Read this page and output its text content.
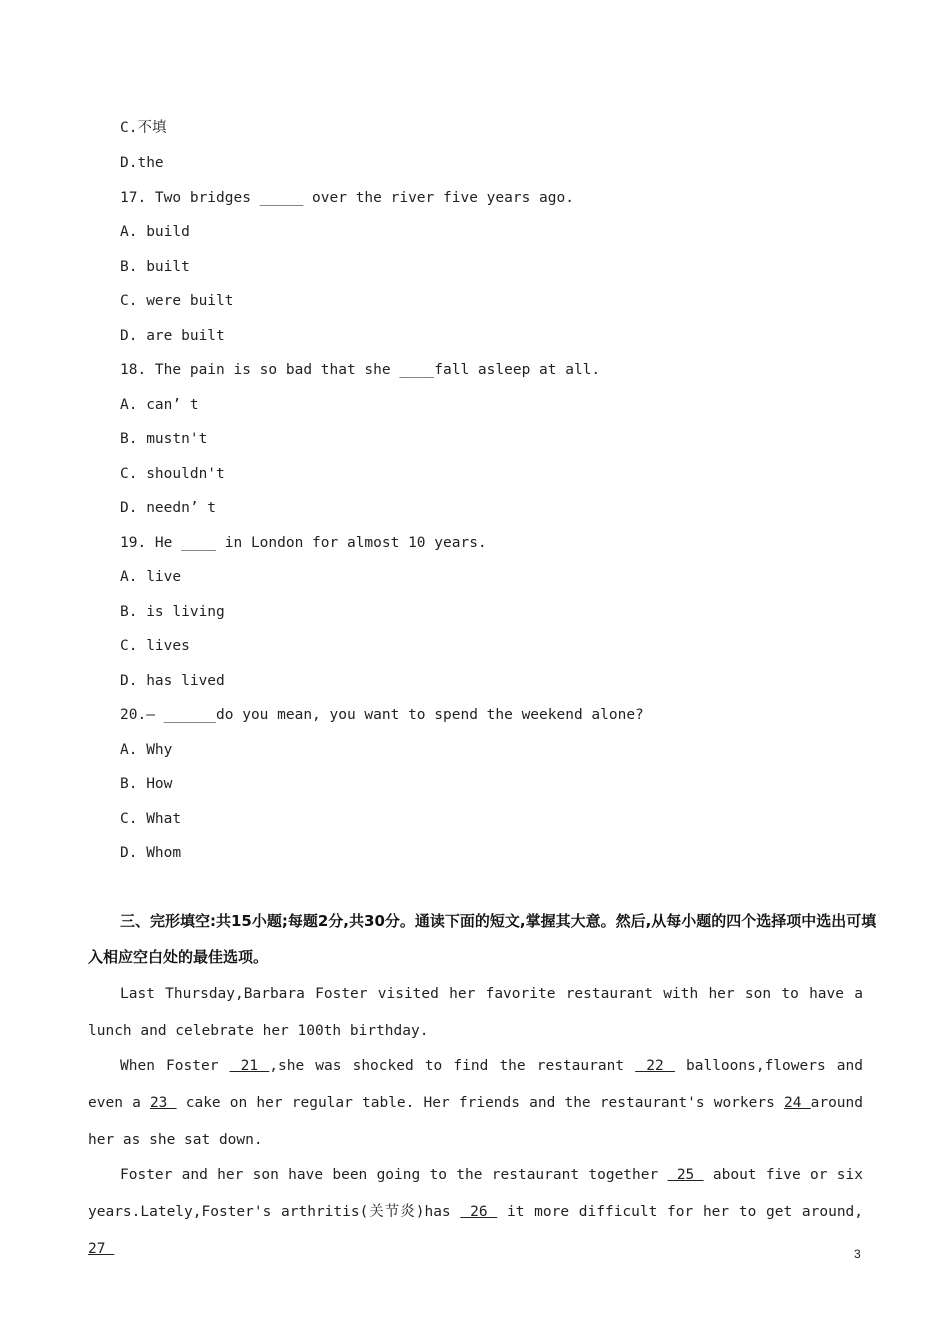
C.不填
D.the
17. Two bridges _____ over the river five years ago.
A. build
B. built
C. were built
D. are built
18. The pain is so bad that she ____fall asleep at all.
A. can’ t
B. mustn't
C. shouldn't
D. needn’ t
19. He ____ in London for almost 10 years.
A. live
B. is living
C. lives
D. has lived
20.— ______do you mean, you want to spend the weekend alone?
A. Why
B. How
C. What
D. Whom
三、完形填空:共15小题;每题2分,共30分。通读下面的短文,掌握其大意。然后,从每小题的四个选择项中选出可填入相应空白处的最佳选项。
Last Thursday,Barbara Foster visited her favorite restaurant with her son to have a lunch and celebrate her 100th birthday.
When Foster  21 ,she was shocked to find the restaurant  22  balloons,flowers and even a 23  cake on her regular table. Her friends and the restaurant's workers 24 around her as she sat down.
Foster and her son have been going to the restaurant together  25  about five or six years.Lately,Foster's arthritis(关节炎)has  26  it more difficult for her to get around, 27	3
